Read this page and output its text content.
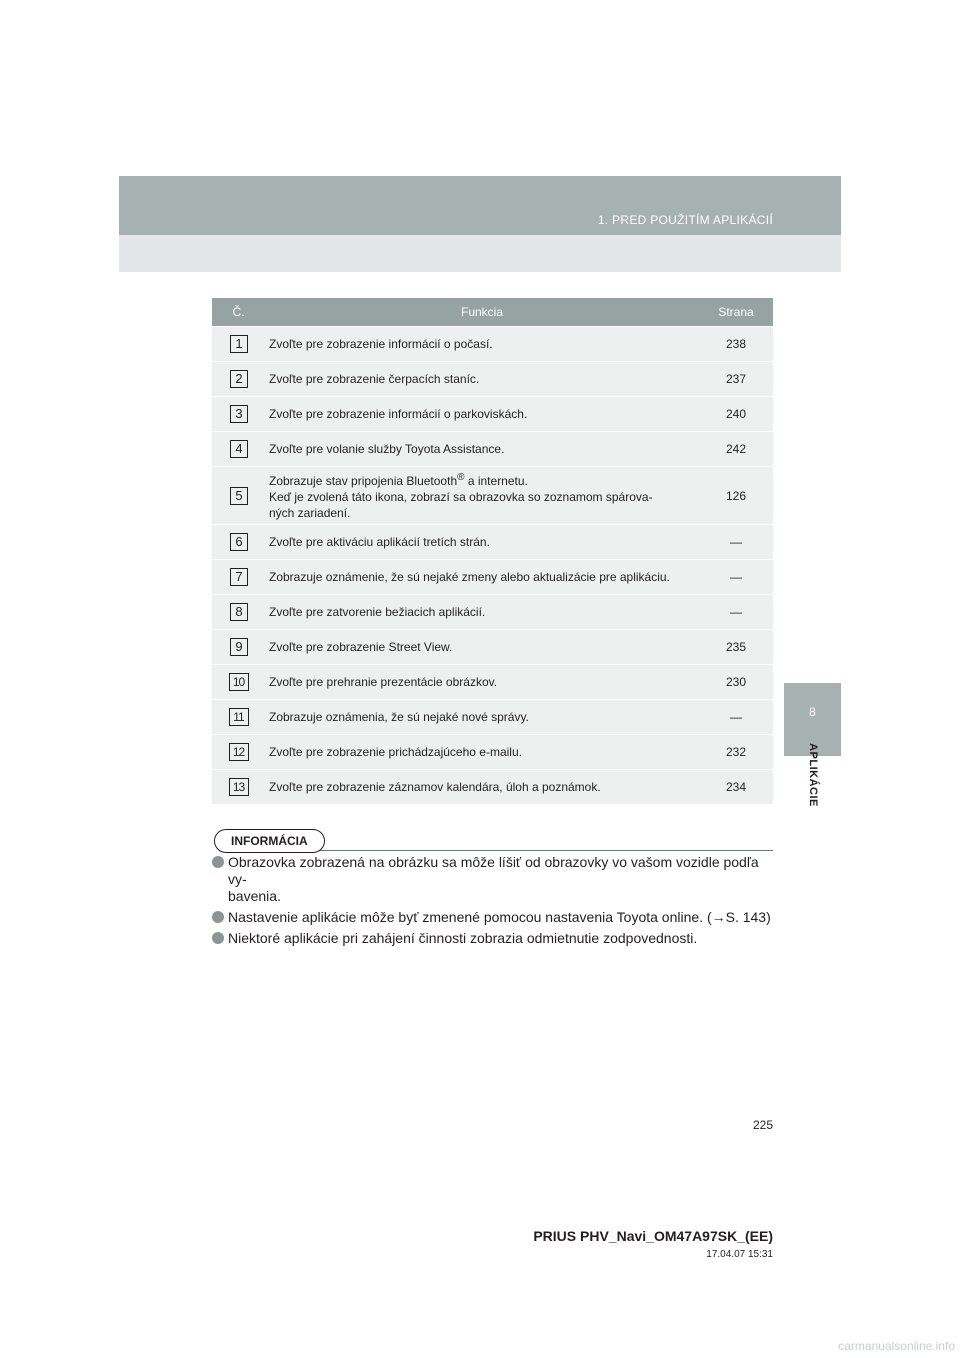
1. PRED POUŽITÍM APLIKÁCIÍ
8
APLIKÁCIE
Č.	Funkcia	Strana
1	Zvoľte pre zobrazenie informácií o počasí.	238
2	Zvoľte pre zobrazenie čerpacích staníc.	237
3	Zvoľte pre zobrazenie informácií o parkoviskách.	240
4	Zvoľte pre volanie služby Toyota Assistance.	242
5	Zobrazuje stav pripojenia Bluetooth® a internetu.
Keď je zvolená táto ikona, zobrazí sa obrazovka so zoznamom spárova-
ných zariadení.	126
6	Zvoľte pre aktiváciu aplikácií tretích strán.	—
7	Zobrazuje oznámenie, že sú nejaké zmeny alebo aktualizácie pre aplikáciu.	—
8	Zvoľte pre zatvorenie bežiacich aplikácií.	—
9	Zvoľte pre zobrazenie Street View.	235
10	Zvoľte pre prehranie prezentácie obrázkov.	230
11	Zobrazuje oznámenia, že sú nejaké nové správy.	—
12	Zvoľte pre zobrazenie prichádzajúceho e-mailu.	232
13	Zvoľte pre zobrazenie záznamov kalendára, úloh a poznámok.	234
INFORMÁCIA
Obrazovka zobrazená na obrázku sa môže líšiť od obrazovky vo vašom vozidle podľa vy-
bavenia.
Nastavenie aplikácie môže byť zmenené pomocou nastavenia Toyota online. (→S. 143)
Niektoré aplikácie pri zahájení činnosti zobrazia odmietnutie zodpovednosti.
225
PRIUS PHV_Navi_OM47A97SK_(EE)
17.04.07 15:31
carmanualsonline.info
